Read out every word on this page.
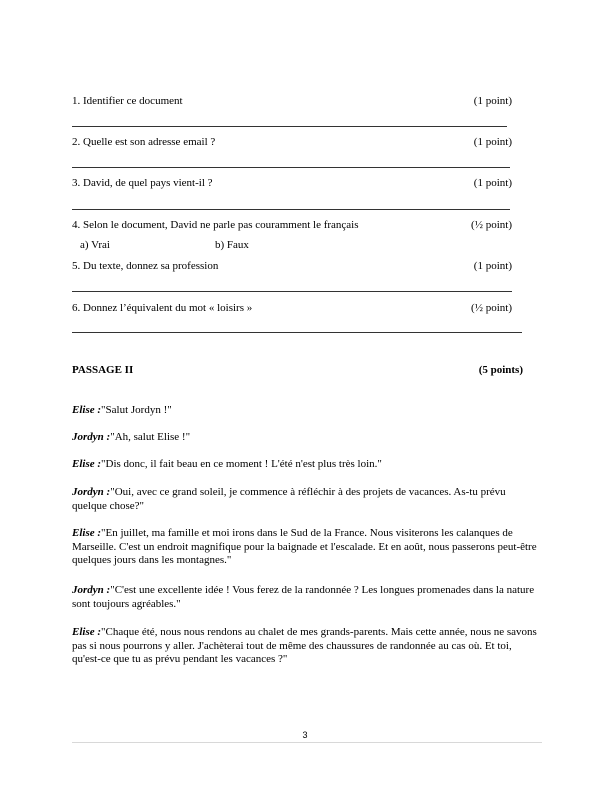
1. Identifier ce document	(1 point)
2. Quelle est son adresse email ?	(1 point)
3. David, de quel pays vient-il ?	(1 point)
4. Selon le document, David ne parle pas couramment le français	(½ point)
a) Vrai	b) Faux
5. Du texte, donnez sa profession	(1 point)
6. Donnez l’équivalent du mot « loisirs »	(½ point)
PASSAGE II	(5 points)
Elise :"Salut Jordyn !"
Jordyn :"Ah, salut Elise !"
Elise :"Dis donc, il fait beau en ce moment ! L'été n'est plus très loin."
Jordyn :"Oui, avec ce grand soleil, je commence à réfléchir à des projets de vacances. As-tu prévu quelque chose?"
Elise :"En juillet, ma famille et moi irons dans le Sud de la France. Nous visiterons les calanques de Marseille. C'est un endroit magnifique pour la baignade et l'escalade. Et en août, nous passerons peut-être quelques jours dans les montagnes."
Jordyn :"C'est une excellente idée ! Vous ferez de la randonnée ? Les longues promenades dans la nature sont toujours agréables."
Elise :"Chaque été, nous nous rendons au chalet de mes grands-parents. Mais cette année, nous ne savons pas si nous pourrons y aller. J'achèterai tout de même des chaussures de randonnée au cas où. Et toi, qu'est-ce que tu as prévu pendant les vacances ?"
3
